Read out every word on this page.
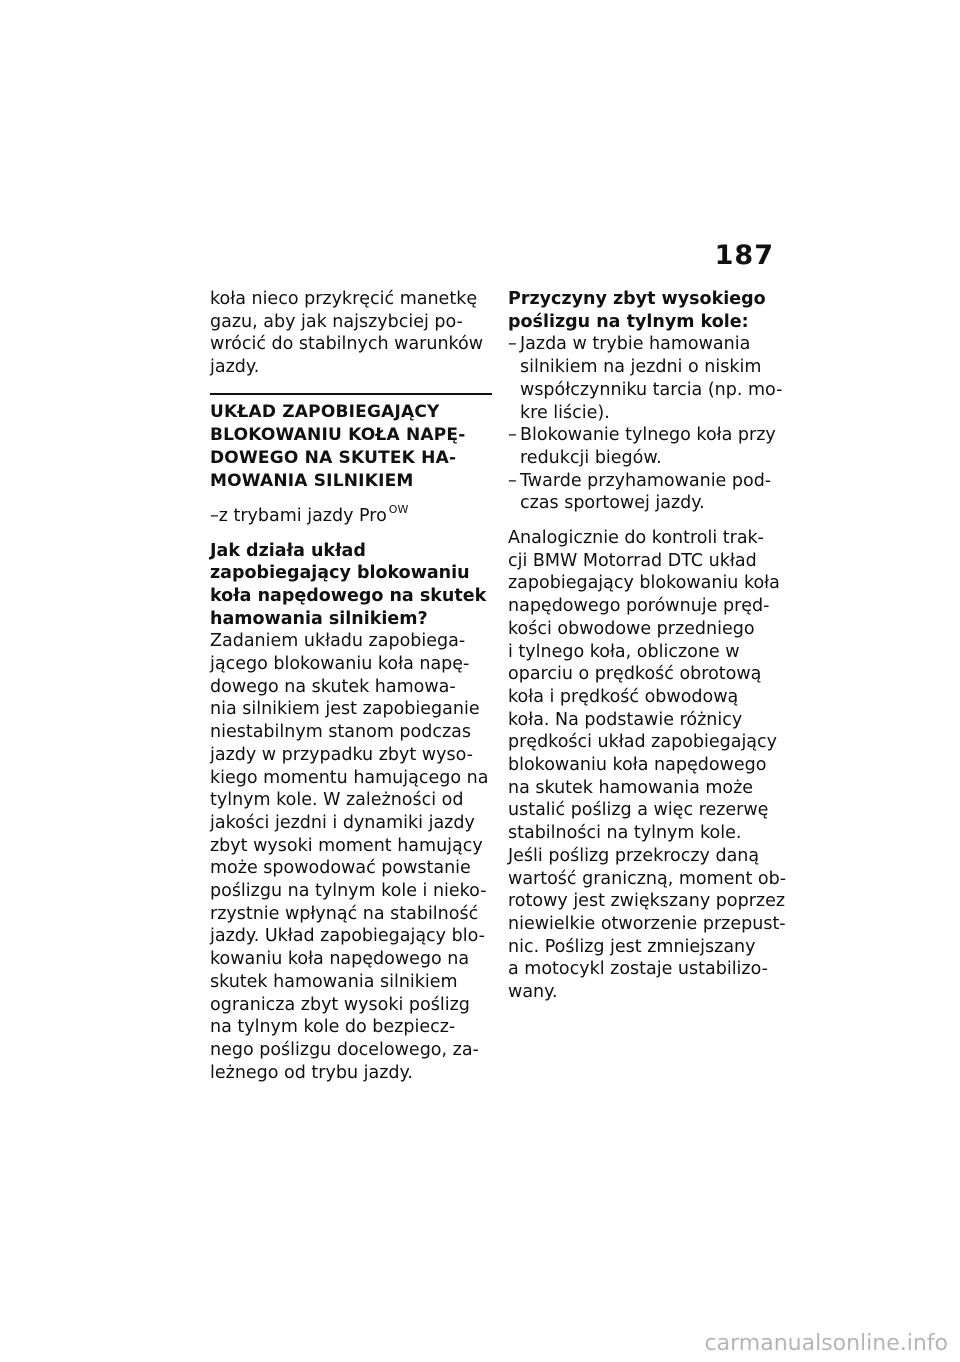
187

koła nieco przykręcić manetkę

gazu, aby jak najszybciej po-

wrócić do stabilnych warunków

jazdy.

UKŁAD ZAPOBIEGAJĄCY

BLOKOWANIU KOŁA NAPĘ-

DOWEGO NA SKUTEK HA-

MOWANIA SILNIKIEM

–z trybami jazdy Pro $^{OW}$

Jak działa układ

zapobiegający blokowaniu

koła napędowego na skutek

hamowania silnikiem?

Zadaniem układu zapobiega-

jącego blokowaniu koła napę-

dowego na skutek hamowa-

nia silnikiem jest zapobieganie

niestabilnym stanom podczas

jazdy w przypadku zbyt wyso-

kiego momentu hamującego na

tylnym kole. W zależności od

jakości jezdni i dynamiki jazdy

zbyt wysoki moment hamujący

może spowodować powstanie

poślizgu na tylnym kole i nieko-

rzystnie wpłynąć na stabilność

jazdy. Układ zapobiegający blo-

kowaniu koła napędowego na

skutek hamowania silnikiem

ogranicza zbyt wysoki poślizg

na tylnym kole do bezpiecz-

nego poślizgu docelowego, za-

leżnego od trybu jazdy.

Przyczyny zbyt wysokiego

poślizgu na tylnym kole:

– Jazda w trybie hamowania

silnikiem na jezdni o niskim

współczynniku tarcia (np. mo-

kre liście).

– Blokowanie tylnego koła przy

redukcji biegów.

– Twarde przyhamowanie pod-

czas sportowej jazdy.

Analogicznie do kontroli trak-

cji BMW Motorrad DTC układ

zapobiegający blokowaniu koła

napędowego porównuje pręd-

kości obwodowe przedniego

i tylnego koła, obliczone w

oparciu o prędkość obrotową

koła i prędkość obwodową

koła. Na podstawie różnicy

prędkości układ zapobiegający

blokowaniu koła napędowego

na skutek hamowania może

ustalić poślizg a więc rezerwę

stabilności na tylnym kole.

Jeśli poślizg przekroczy daną

wartość graniczną, moment ob-

rotowy jest zwiększany poprzez

niewielkie otworzenie przepust-

nic. Poślizg jest zmniejszany

a motocykl zostaje ustabilizo-

wany.

carmanualsonline.info
